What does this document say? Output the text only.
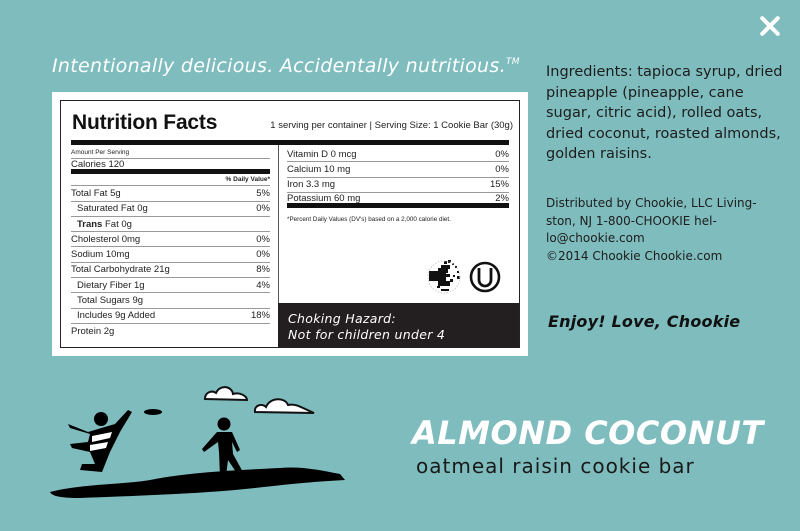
Intentionally delicious. Accidentally nutritious.™
Nutrition Facts	1 serving per container | Serving Size: 1 Cookie Bar (30g)
Amount Per Serving
Calories 120
% Daily Value*
Total Fat 5g	5%
Saturated Fat 0g	0%
Trans Fat 0g
Cholesterol 0mg	0%
Sodium 10mg	0%
Total Carbohydrate 21g	8%
Dietary Fiber 1g	4%
Total Sugars 9g
Includes 9g Added	18%
Protein 2g
Vitamin D 0 mcg	0%
Calcium 10 mg	0%
Iron 3.3 mg	15%
Potassium 60 mg	2%
*Percent Daily Values (DV's) based on a 2,000 calorie diet.
Choking Hazard:
Not for children under 4
Ingredients: tapioca syrup, dried pineapple (pineapple, cane sugar, citric acid), rolled oats, dried coconut, roasted almonds, golden raisins.
Distributed by Chookie, LLC Living-
ston, NJ 1-800-CHOOKIE hel-
lo@chookie.com
©2014 Chookie Chookie.com
Enjoy! Love, Chookie
ALMOND COCONUT
oatmeal raisin cookie bar
